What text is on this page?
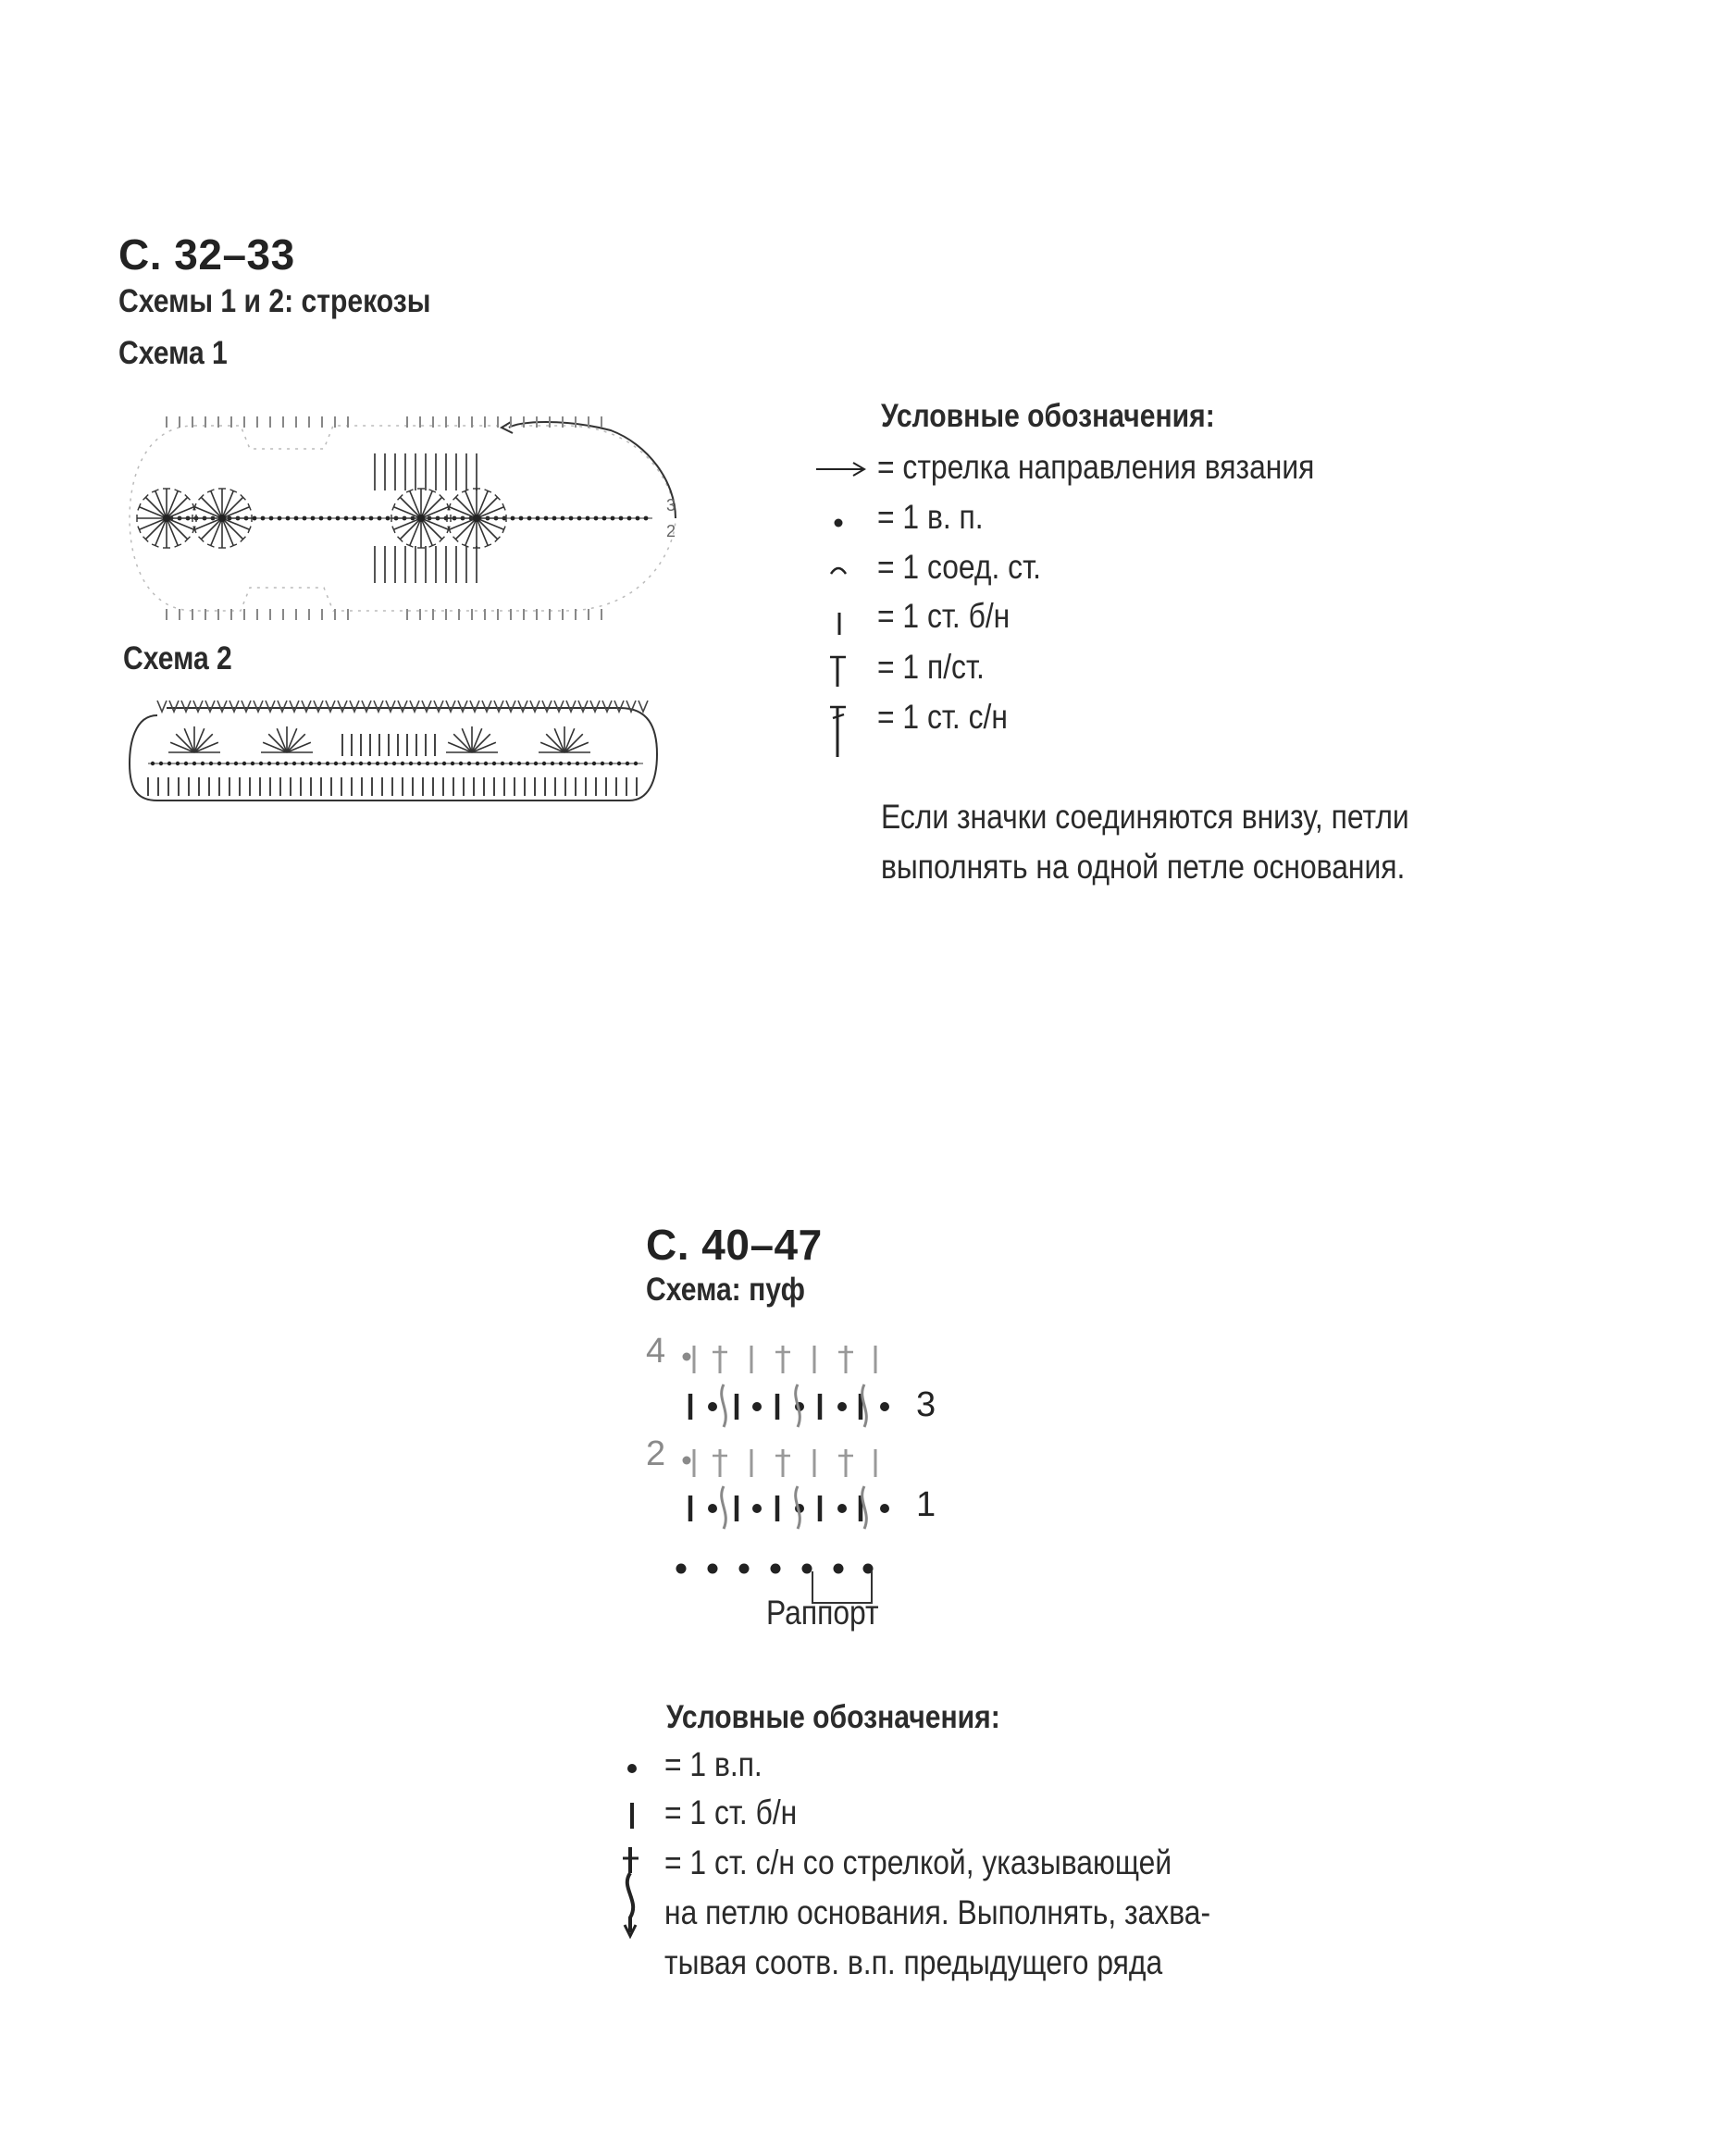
С. 32–33
Схемы 1 и 2: стрекозы
Схема 1
3
2
Схема 2
Условные обозначения:
= стрелка направления вязания
= 1 в. п.
= 1 соед. ст.
= 1 ст. б/н
= 1 п/ст.
= 1 ст. с/н
Если значки соединяются внизу, петли
выполнять на одной петле основания.
С. 40–47
Схема: пуф
4
3
2
1
Раппорт
Условные обозначения:
= 1 в.п.
= 1 ст. б/н
= 1 ст. с/н со стрелкой, указывающей
на петлю основания. Выполнять, захва-
тывая соотв. в.п. предыдущего ряда
